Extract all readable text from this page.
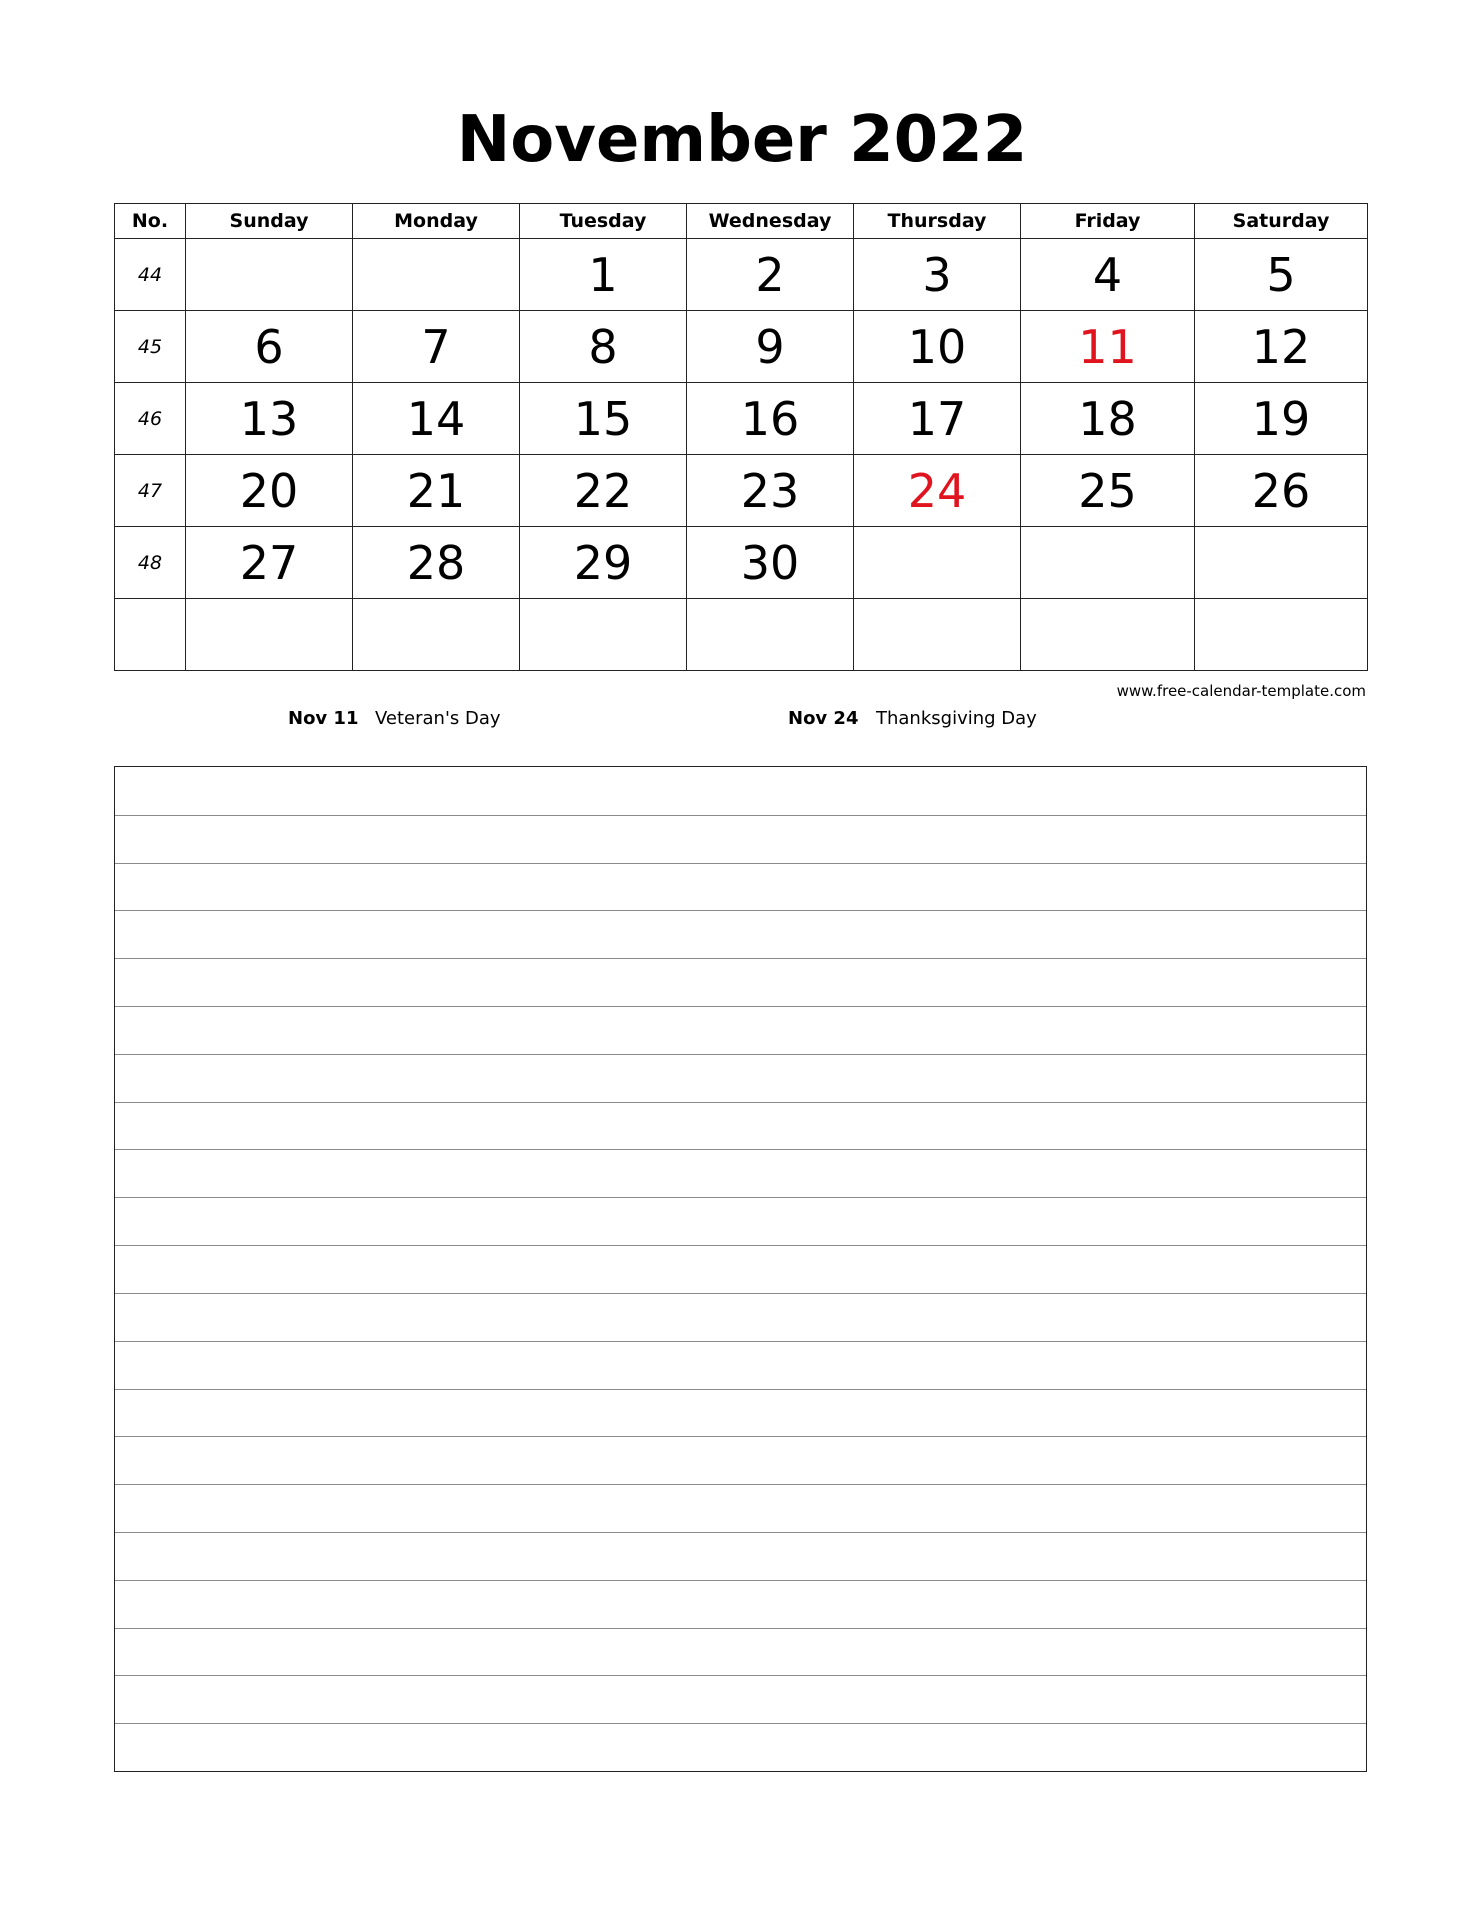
November 2022
No.	Sunday	Monday	Tuesday	Wednesday	Thursday	Friday	Saturday
44			1	2	3	4	5
45	6	7	8	9	10	11	12
46	13	14	15	16	17	18	19
47	20	21	22	23	24	25	26
48	27	28	29	30			

www.free-calendar-template.com
Nov 11 Veteran's Day	Nov 24 Thanksgiving Day
